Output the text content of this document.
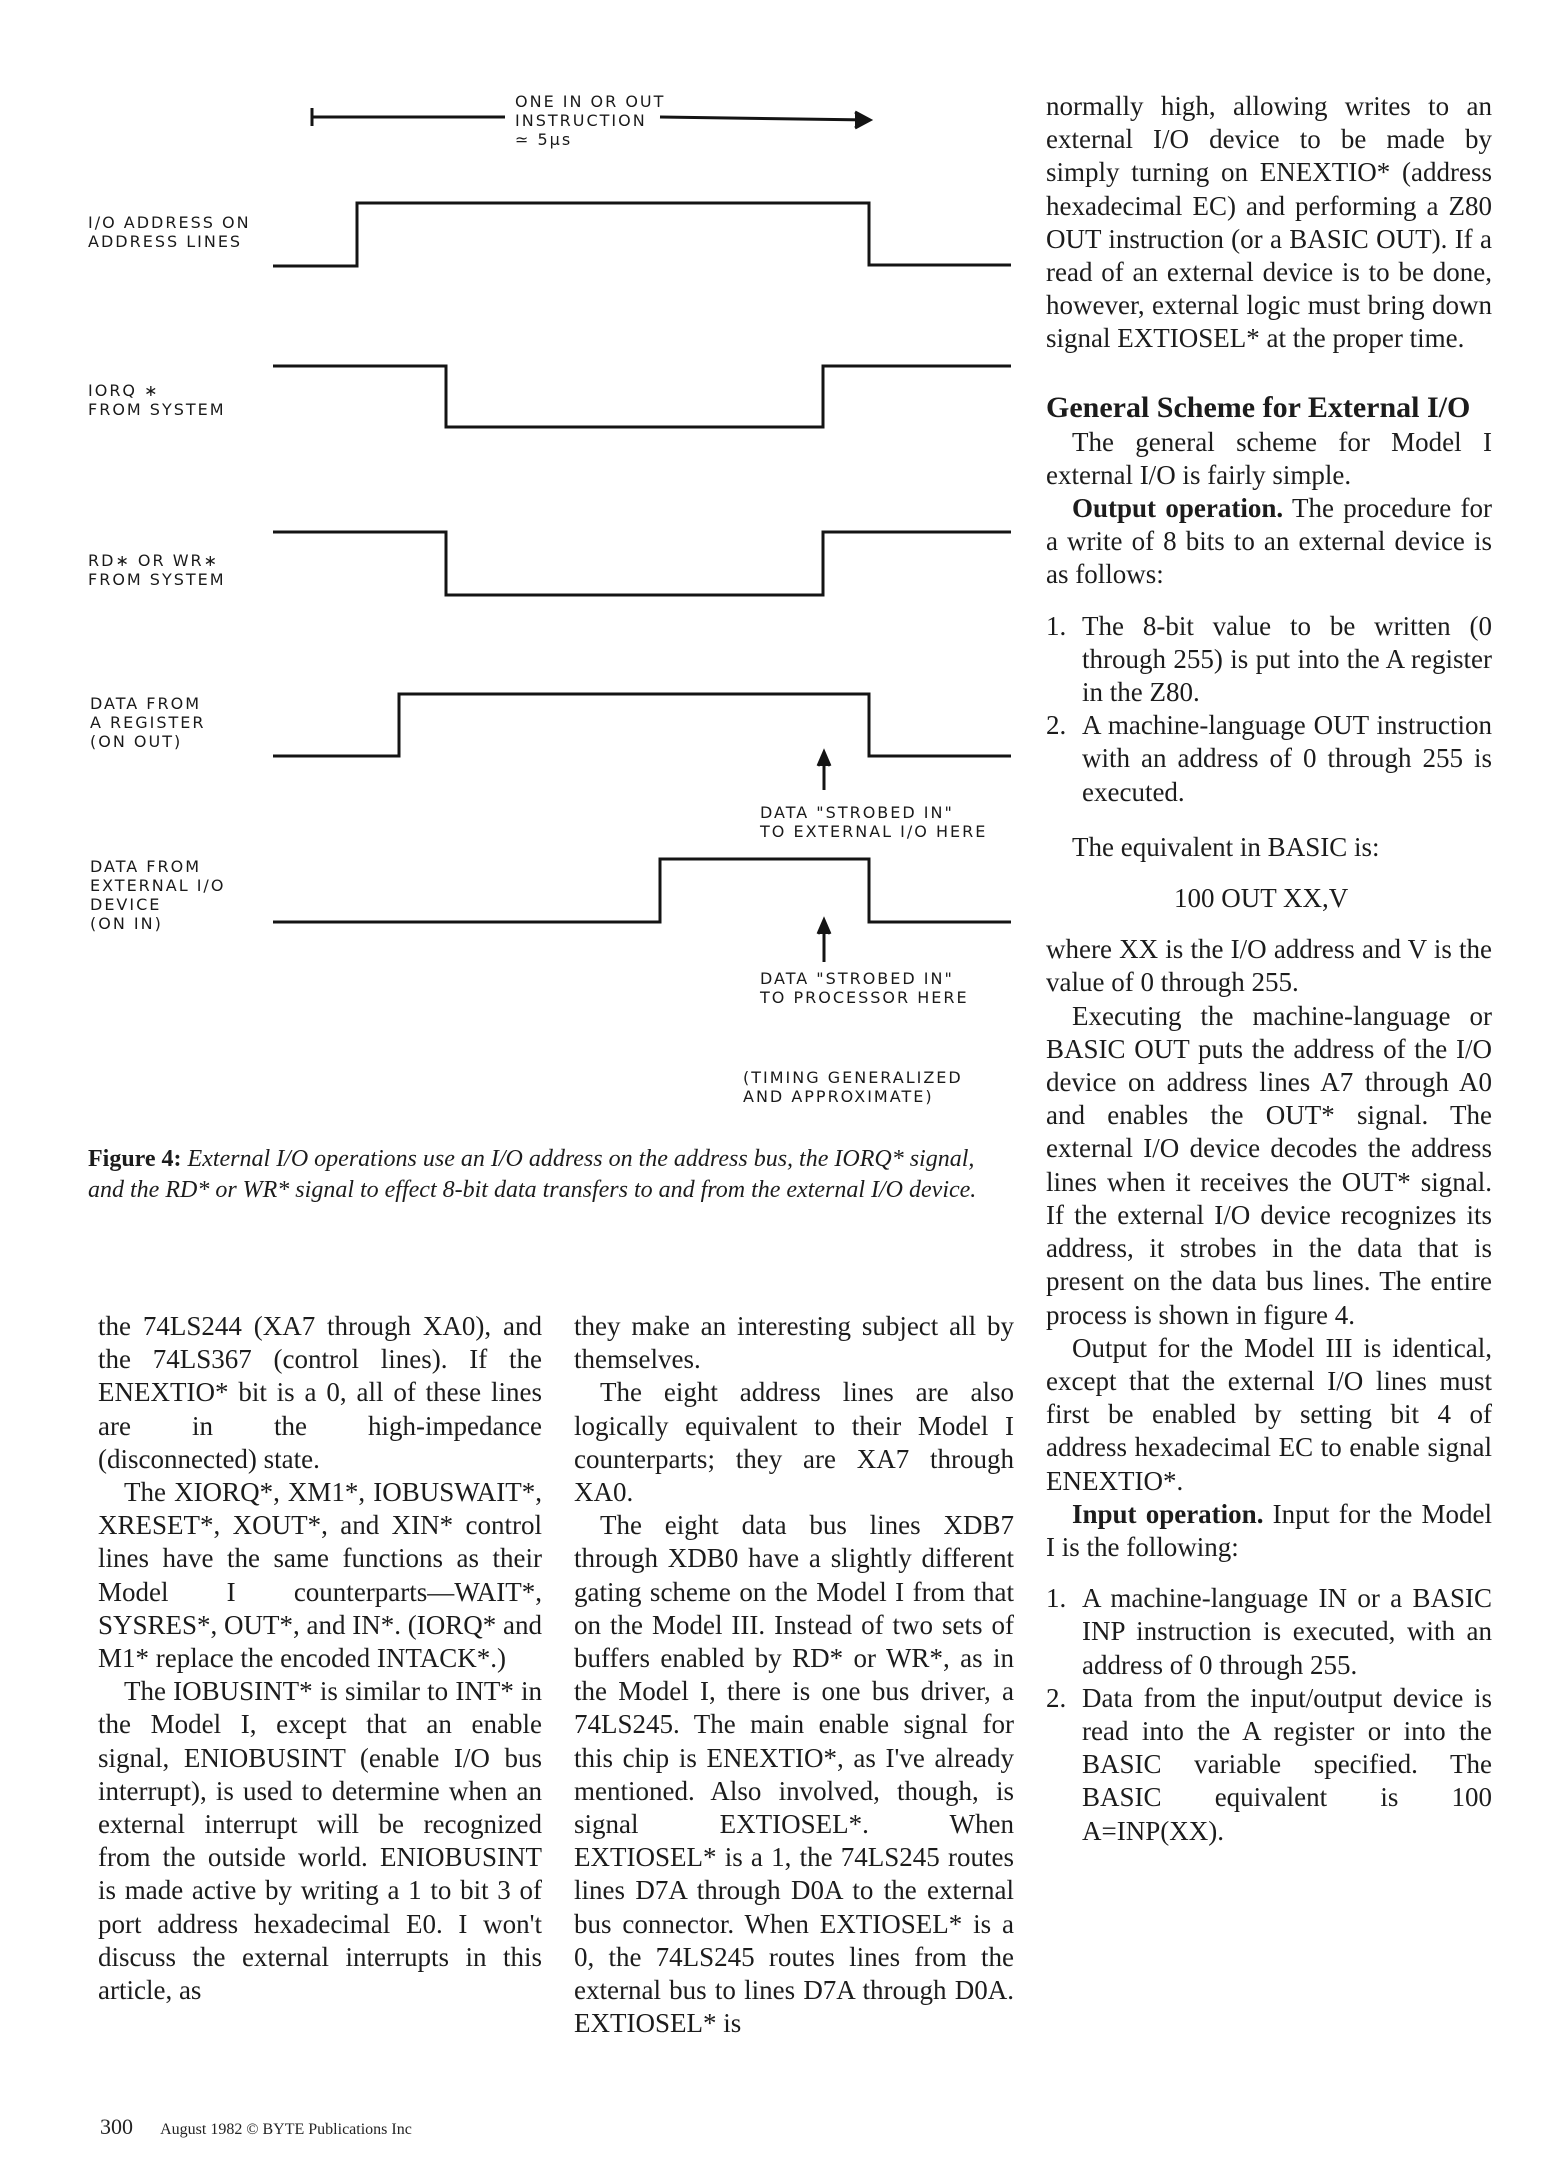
ONE IN OR OUT
INSTRUCTION
≃ 5µs
I/O ADDRESS ON
ADDRESS LINES
IORQ ∗
FROM SYSTEM
RD∗ OR WR∗
FROM SYSTEM
DATA FROM
A REGISTER
(ON OUT)
DATA FROM
EXTERNAL I/O
DEVICE
(ON IN)
DATA "STROBED IN"
TO EXTERNAL I/O HERE
DATA "STROBED IN"
TO PROCESSOR HERE
(TIMING GENERALIZED
AND APPROXIMATE)
Figure 4: External I/O operations use an I/O address on the address bus, the IORQ* signal, and the RD* or WR* signal to effect 8-bit data transfers to and from the external I/O device.

the 74LS244 (XA7 through XA0), and the 74LS367 (control lines). If the ENEXTIO* bit is a 0, all of these lines are in the high-impedance (disconnected) state.

The XIORQ*, XM1*, IOBUSWAIT*, XRESET*, XOUT*, and XIN* control lines have the same functions as their Model I counterparts—WAIT*, SYSRES*, OUT*, and IN*. (IORQ* and M1* replace the encoded INTACK*.)

The IOBUSINT* is similar to INT* in the Model I, except that an enable signal, ENIOBUSINT (enable I/O bus interrupt), is used to determine when an external interrupt will be recognized from the outside world. ENIOBUSINT is made active by writing a 1 to bit 3 of port address hexadecimal E0. I won't discuss the external interrupts in this article, as

they make an interesting subject all by themselves.

The eight address lines are also logically equivalent to their Model I counterparts; they are XA7 through XA0.

The eight data bus lines XDB7 through XDB0 have a slightly different gating scheme on the Model I from that on the Model III. Instead of two sets of buffers enabled by RD* or WR*, as in the Model I, there is one bus driver, a 74LS245. The main enable signal for this chip is ENEXTIO*, as I've already mentioned. Also involved, though, is signal EXTIOSEL*. When EXTIOSEL* is a 1, the 74LS245 routes lines D7A through D0A to the external bus connector. When EXTIOSEL* is a 0, the 74LS245 routes lines from the external bus to lines D7A through D0A. EXTIOSEL* is

normally high, allowing writes to an external I/O device to be made by simply turning on ENEXTIO* (address hexadecimal EC) and performing a Z80 OUT instruction (or a BASIC OUT). If a read of an external device is to be done, however, external logic must bring down signal EXTIOSEL* at the proper time.

General Scheme for External I/O

The general scheme for Model I external I/O is fairly simple.

Output operation. The procedure for a write of 8 bits to an external device is as follows:

1. The 8-bit value to be written (0 through 255) is put into the A register in the Z80.
2. A machine-language OUT instruction with an address of 0 through 255 is executed.

The equivalent in BASIC is:

100 OUT XX,V

where XX is the I/O address and V is the value of 0 through 255.

Executing the machine-language or BASIC OUT puts the address of the I/O device on address lines A7 through A0 and enables the OUT* signal. The external I/O device decodes the address lines when it receives the OUT* signal. If the external I/O device recognizes its address, it strobes in the data that is present on the data bus lines. The entire process is shown in figure 4.

Output for the Model III is identical, except that the external I/O lines must first be enabled by setting bit 4 of address hexadecimal EC to enable signal ENEXTIO*.

Input operation. Input for the Model I is the following:

1. A machine-language IN or a BASIC INP instruction is executed, with an address of 0 through 255.
2. Data from the input/output device is read into the A register or into the BASIC variable specified. The BASIC equivalent is 100 A=INP(XX).
300 August 1982 © BYTE Publications Inc
